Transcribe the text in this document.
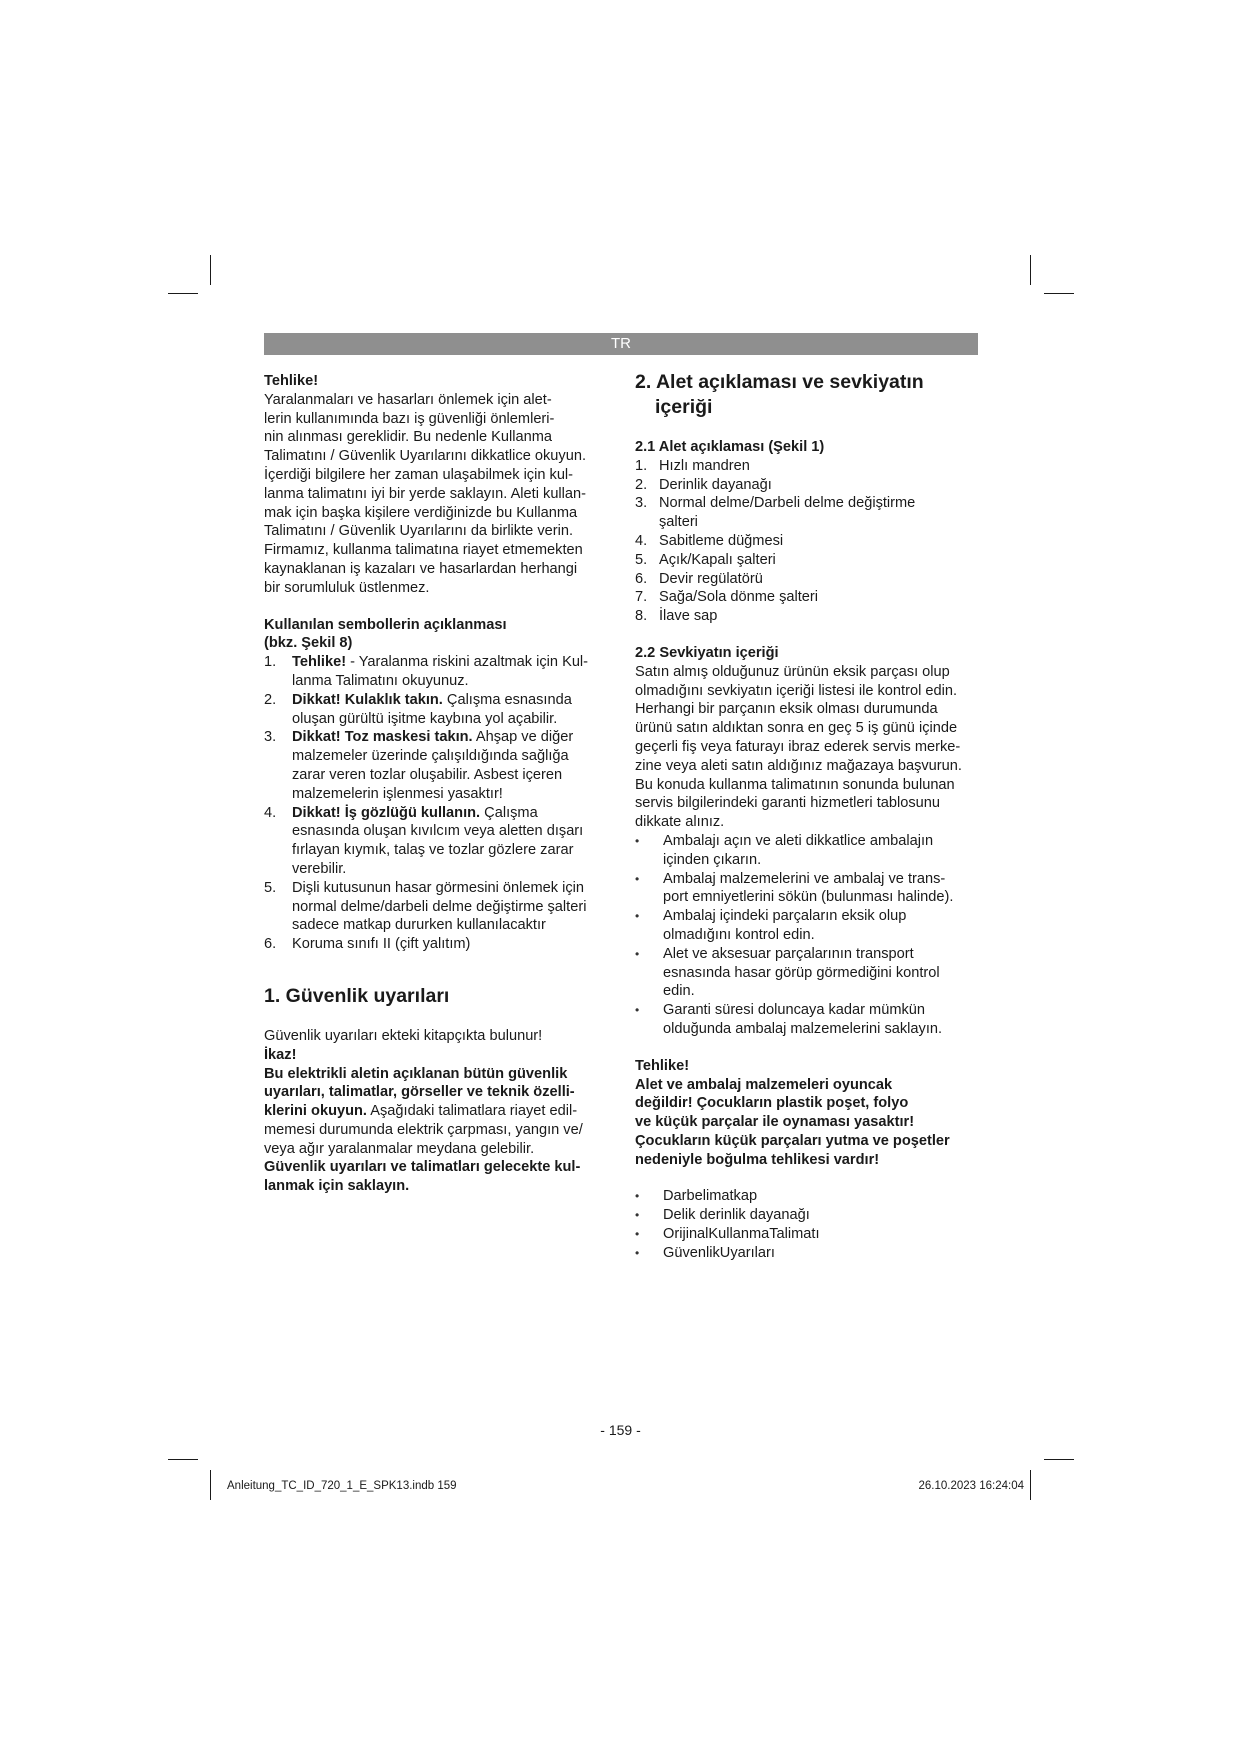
TR

Tehlike!

Yaralanmaları ve hasarları önlemek için alet-

lerin kullanımında bazı iş güvenliği önlemleri-

nin alınması gereklidir. Bu nedenle Kullanma

Talimatını / Güvenlik Uyarılarını dikkatlice okuyun.

İçerdiği bilgilere her zaman ulaşabilmek için kul-

lanma talimatını iyi bir yerde saklayın. Aleti kullan-

mak için başka kişilere verdiğinizde bu Kullanma

Talimatını / Güvenlik Uyarılarını da birlikte verin.

Firmamız, kullanma talimatına riayet etmemekten

kaynaklanan iş kazaları ve hasarlardan herhangi

bir sorumluluk üstlenmez.

Kullanılan sembollerin açıklanması

(bkz. Şekil 8)

1.	Tehlike! - Yaralanma riskini azaltmak için Kul-
lanma Talimatını okuyunuz.
2.	Dikkat! Kulaklık takın. Çalışma esnasında
oluşan gürültü işitme kaybına yol açabilir.
3.	Dikkat! Toz maskesi takın. Ahşap ve diğer
malzemeler üzerinde çalışıldığında sağlığa
zarar veren tozlar oluşabilir. Asbest içeren
malzemelerin işlenmesi yasaktır!
4.	Dikkat! İş gözlüğü kullanın. Çalışma
esnasında oluşan kıvılcım veya aletten dışarı
fırlayan kıymık, talaş ve tozlar gözlere zarar
verebilir.
5.	Dişli kutusunun hasar görmesini önlemek için
normal delme/darbeli delme değiştirme şalteri
sadece matkap dururken kullanılacaktır
6.	Koruma sınıfı II (çift yalıtım)
1. Güvenlik uyarıları

Güvenlik uyarıları ekteki kitapçıkta bulunur!

İkaz!

Bu elektrikli aletin açıklanan bütün güvenlik

uyarıları, talimatlar, görseller ve teknik özelli-

klerini okuyun. Aşağıdaki talimatlara riayet edil-

memesi durumunda elektrik çarpması, yangın ve/

veya ağır yaralanmalar meydana gelebilir.

Güvenlik uyarıları ve talimatları gelecekte kul-

lanmak için saklayın.

2. Alet açıklaması ve sevkiyatın
içeriği
2.1 Alet açıklaması (Şekil 1)
1. Hızlı mandren
2. Derinlik dayanağı
3. Normal delme/Darbeli delme değiştirme
şalteri
4. Sabitleme düğmesi
5. Açık/Kapalı şalteri
6. Devir regülatörü
7. Sağa/Sola dönme şalteri
8. İlave sap
2.2 Sevkiyatın içeriği

Satın almış olduğunuz ürünün eksik parçası olup

olmadığını sevkiyatın içeriği listesi ile kontrol edin.

Herhangi bir parçanın eksik olması durumunda

ürünü satın aldıktan sonra en geç 5 iş günü içinde

geçerli fiş veya faturayı ibraz ederek servis merke-

zine veya aleti satın aldığınız mağazaya başvurun.

Bu konuda kullanma talimatının sonunda bulunan

servis bilgilerindeki garanti hizmetleri tablosunu

dikkate alınız.

•	Ambalajı açın ve aleti dikkatlice ambalajın
içinden çıkarın.
•	Ambalaj malzemelerini ve ambalaj ve trans-
port emniyetlerini sökün (bulunması halinde).
•	Ambalaj içindeki parçaların eksik olup
olmadığını kontrol edin.
•	Alet ve aksesuar parçalarının transport
esnasında hasar görüp görmediğini kontrol
edin.
•	Garanti süresi doluncaya kadar mümkün
olduğunda ambalaj malzemelerini saklayın.

Tehlike!

Alet ve ambalaj malzemeleri oyuncak

değildir! Çocukların plastik poşet, folyo

ve küçük parçalar ile oynaması yasaktır!

Çocukların küçük parçaları yutma ve poşetler

nedeniyle boğulma tehlikesi vardır!

•	Darbelimatkap
•	Delik derinlik dayanağı
•	OrijinalKullanmaTalimatı
•	GüvenlikUyarıları
- 159 -
Anleitung_TC_ID_720_1_E_SPK13.indb 159	26.10.2023 16:24:04
